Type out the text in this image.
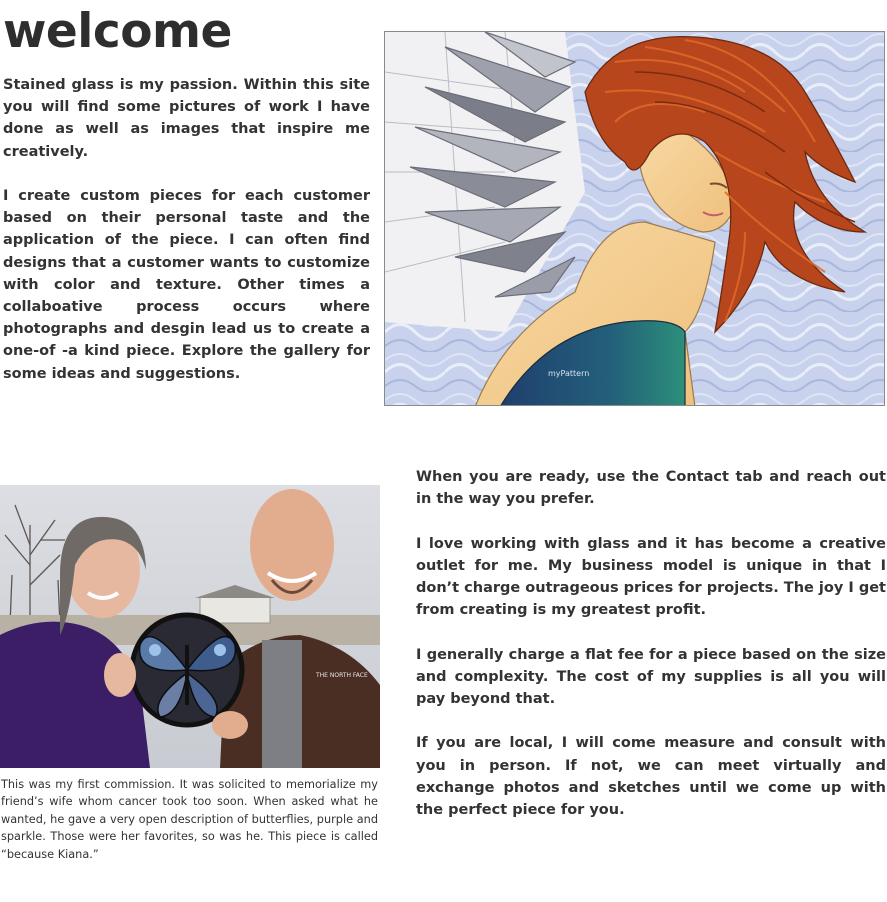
welcome

Stained glass is my passion. Within this site you will find some pictures of work I have done as well as images that inspire me creatively.

I create custom pieces for each customer based on their personal taste and the application of the piece. I can often find designs that a customer wants to customize with color and texture. Other times a collaboative process occurs where photographs and desgin lead us to create a one-of -a kind piece. Explore the gallery for some ideas and suggestions.	myPattern
THE NORTH FACE
This was my first commission. It was solicited to memorialize my friend’s wife whom cancer took too soon. When asked what he wanted, he gave a very open description of butterflies, purple and sparkle. Those were her favorites, so was he. This piece is called “because Kiana.”

When you are ready, use the Contact tab and reach out in the way you prefer.

I love working with glass and it has become a creative outlet for me. My business model is unique in that I don’t charge outrageous prices for projects. The joy I get from creating is my greatest profit.

I generally charge a flat fee for a piece based on the size and complexity. The cost of my supplies is all you will pay beyond that.

If you are local, I will come measure and consult with you in person. If not, we can meet virtually and exchange photos and sketches until we come up with the perfect piece for you.
